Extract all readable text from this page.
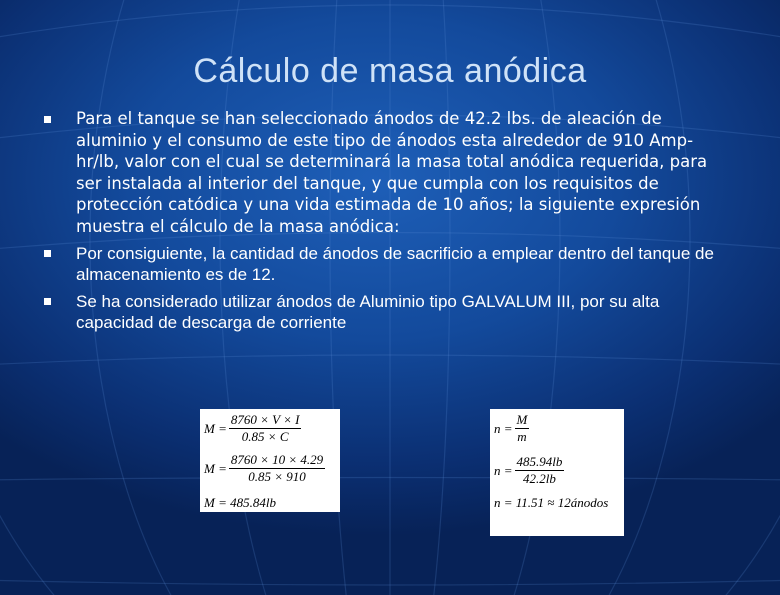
Cálculo de masa anódica
Para el tanque se han seleccionado ánodos de 42.2 lbs. de aleación de aluminio y el consumo de este tipo de ánodos esta alrededor de 910 Amp-hr/lb, valor con el cual se determinará la masa total anódica requerida, para ser instalada al interior del tanque, y que cumpla con los requisitos de protección catódica y una vida estimada de 10 años; la siguiente expresión muestra el cálculo de la masa anódica:
Por consiguiente, la cantidad de ánodos de sacrificio a emplear dentro del tanque de almacenamiento es de 12.
Se ha considerado utilizar ánodos de Aluminio tipo GALVALUM III, por su alta capacidad de descarga de corriente
$M = \frac{8760 \times V \times I}{0.85 \times C}$
$M = \frac{8760 \times 10 \times 4.29}{0.85 \times 910}$
M = 485.84lb
$n = \frac{M}{m}$
$n = \frac{485.94lb}{42.2lb}$
n = 11.51 ≈ 12ánodos
